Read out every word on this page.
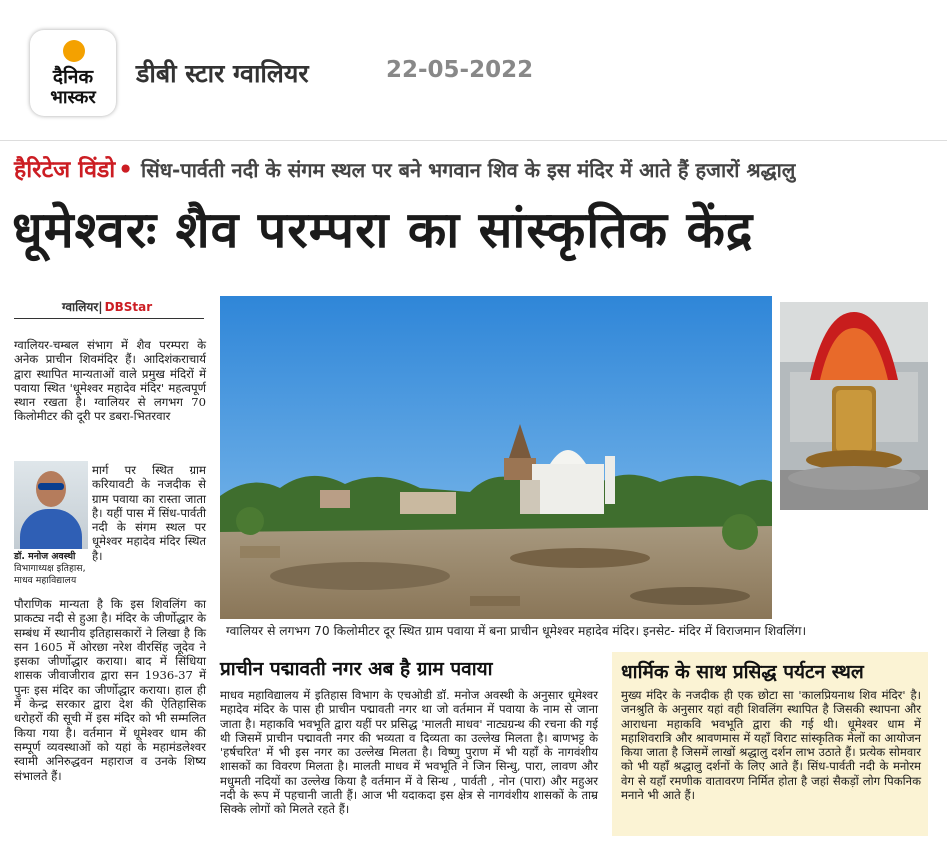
दैनिक
भास्कर
डीबी स्टार ग्वालियर	22-05-2022
हैरिटेज विंडो • सिंध-पार्वती नदी के संगम स्थल पर बने भगवान शिव के इस मंदिर में आते हैं हजारों श्रद्धालु
धूमेश्वरः शैव परम्परा का सांस्कृतिक केंद्र
ग्वालियर| DBStar
ग्वालियर-चम्बल संभाग में शैव परम्परा के अनेक प्राचीन शिवमंदिर हैं। आदिशंकराचार्य द्वारा स्थापित मान्यताओं वाले प्रमुख मंदिरों में पवाया स्थित 'धूमेश्वर महादेव मंदिर' महत्वपूर्ण स्थान रखता है। ग्वालियर से लगभग 70 किलोमीटर की दूरी पर डबरा-भितरवार
मार्ग पर स्थित ग्राम करियावटी के नजदीक से ग्राम पवाया का रास्ता जाता है। यहीं पास में सिंध-पार्वती नदी के संगम स्थल पर धूमेश्वर महादेव मंदिर स्थित है।
डॉ. मनोज अवस्थी
विभागाध्यक्ष इतिहास, माधव महाविद्यालय
पौराणिक मान्यता है कि इस शिवलिंग का प्राकट्य नदी से हुआ है। मंदिर के जीर्णोद्धार के सम्बंध में स्थानीय इतिहासकारों ने लिखा है कि सन 1605 में ओरछा नरेश वीरसिंह जूदेव ने इसका जीर्णोद्धार कराया। बाद में सिंधिया शासक जीवाजीराव द्वारा सन 1936-37 में पुनः इस मंदिर का जीर्णोद्धार कराया। हाल ही में केन्द्र सरकार द्वारा देश की ऐतिहासिक धरोहरों की सूची में इस मंदिर को भी सम्मलित किया गया है। वर्तमान में धूमेश्वर धाम की सम्पूर्ण व्यवस्थाओं को यहां के महामंडलेश्वर स्वामी अनिरुद्धवन महाराज व उनके शिष्य संभालते हैं।
ग्वालियर से लगभग 70 किलोमीटर दूर स्थित ग्राम पवाया में बना प्राचीन धूमेश्वर महादेव मंदिर। इनसेट- मंदिर में विराजमान शिवलिंग।
प्राचीन पद्मावती नगर अब है ग्राम पवाया
माधव महाविद्यालय में इतिहास विभाग के एचओडी डॉ. मनोज अवस्थी के अनुसार धूमेश्वर महादेव मंदिर के पास ही प्राचीन पद्मावती नगर था जो वर्तमान में पवाया के नाम से जाना जाता है। महाकवि भवभूति द्वारा यहीं पर प्रसिद्ध 'मालती माधव' नाट्यग्रन्थ की रचना की गई थी जिसमें प्राचीन पद्मावती नगर की भव्यता व दिव्यता का उल्लेख मिलता है। बाणभट्ट के 'हर्षचरित' में भी इस नगर का उल्लेख मिलता है। विष्णु पुराण में भी यहाँ के नागवंशीय शासकों का विवरण मिलता है। मालती माधव में भवभूति ने जिन सिन्धु, पारा, लावण और मधुमती नदियों का उल्लेख किया है वर्तमान में वे सिन्ध , पार्वती , नोन (पारा) और महुअर नदी के रूप में पहचानी जाती हैं। आज भी यदाकदा इस क्षेत्र से नागवंशीय शासकों के ताम्र सिक्के लोगों को मिलते रहते हैं।
धार्मिक के साथ प्रसिद्ध पर्यटन स्थल
मुख्य मंदिर के नजदीक ही एक छोटा सा 'कालप्रियनाथ शिव मंदिर' है। जनश्रुति के अनुसार यहां वही शिवलिंग स्थापित है जिसकी स्थापना और आराधना महाकवि भवभूति द्वारा की गई थी। धूमेश्वर धाम में महाशिवरात्रि और श्रावणमास में यहाँ विराट सांस्कृतिक मेलों का आयोजन किया जाता है जिसमें लाखों श्रद्धालु दर्शन लाभ उठाते हैं। प्रत्येक सोमवार को भी यहाँ श्रद्धालु दर्शनों के लिए आते हैं। सिंध-पार्वती नदी के मनोरम वेग से यहाँ रमणीक वातावरण निर्मित होता है जहां सैकड़ों लोग पिकनिक मनाने भी आते हैं।
